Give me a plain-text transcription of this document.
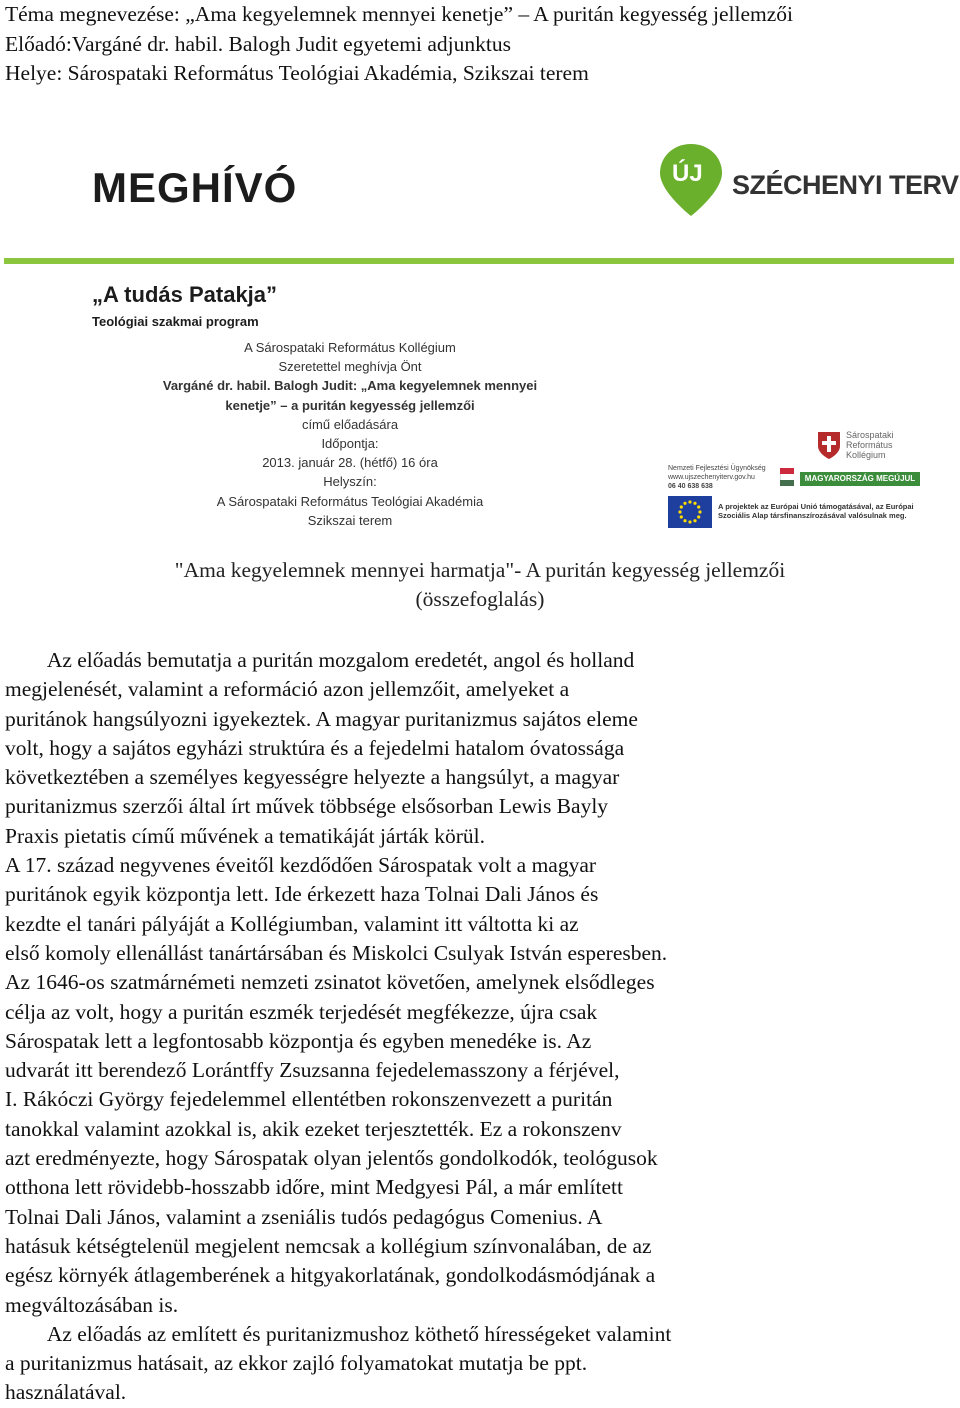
Téma megnevezése: „Ama kegyelemnek mennyei kenetje” – A puritán kegyesség jellemzői
Előadó:Vargáné dr. habil. Balogh Judit egyetemi adjunktus
Helye: Sárospataki Református Teológiai Akadémia, Szikszai terem
MEGHÍVÓ	ÚJ SZÉCHENYI TERV
„A tudás Patakja”
Teológiai szakmai program
A Sárospataki Református Kollégium
Szeretettel meghívja Önt
Vargáné dr. habil. Balogh Judit: „Ama kegyelemnek mennyei
kenetje” – a puritán kegyesség jellemzői
című előadására
Időpontja:
2013. január 28. (hétfő) 16 óra
Helyszín:
A Sárospataki Református Teológiai Akadémia
Szikszai terem
Sárospataki
Református
Kollégium
Nemzeti Fejlesztési Ügynökség
www.ujszechenyiterv.gov.hu
06 40 638 638
MAGYARORSZÁG MEGÚJUL
A projektek az Európai Unió támogatásával, az Európai
Szociális Alap társfinanszírozásával valósulnak meg.
"Ama kegyelemnek mennyei harmatja"- A puritán kegyesség jellemzői
(összefoglalás)
Az előadás bemutatja a puritán mozgalom eredetét, angol és holland
megjelenését, valamint a reformáció azon jellemzőit, amelyeket a
puritánok hangsúlyozni igyekeztek. A magyar puritanizmus sajátos eleme
volt, hogy a sajátos egyházi struktúra és a fejedelmi hatalom óvatossága
következtében a személyes kegyességre helyezte a hangsúlyt, a magyar
puritanizmus szerzői által írt művek többsége elsősorban Lewis Bayly
Praxis pietatis című művének a tematikáját járták körül.
A 17. század negyvenes éveitől kezdődően Sárospatak volt a magyar
puritánok egyik központja lett. Ide érkezett haza Tolnai Dali János és
kezdte el tanári pályáját a Kollégiumban, valamint itt váltotta ki az
első komoly ellenállást tanártársában és Miskolci Csulyak István esperesben.
Az 1646-os szatmárnémeti nemzeti zsinatot követően, amelynek elsődleges
célja az volt, hogy a puritán eszmék terjedését megfékezze, újra csak
Sárospatak lett a legfontosabb központja és egyben menedéke is. Az
udvarát itt berendező Lorántffy Zsuzsanna fejedelemasszony a férjével,
I. Rákóczi György fejedelemmel ellentétben rokonszenvezett a puritán
tanokkal valamint azokkal is, akik ezeket terjesztették. Ez a rokonszenv
azt eredményezte, hogy Sárospatak olyan jelentős gondolkodók, teológusok
otthona lett rövidebb-hosszabb időre, mint Medgyesi Pál, a már említett
Tolnai Dali János, valamint a zseniális tudós pedagógus Comenius. A
hatásuk kétségtelenül megjelent nemcsak a kollégium színvonalában, de az
egész környék átlagemberének a hitgyakorlatának, gondolkodásmódjának a
megváltozásában is.
Az előadás az említett és puritanizmushoz köthető hírességeket valamint
a puritanizmus hatásait, az ekkor zajló folyamatokat mutatja be ppt.
használatával.
